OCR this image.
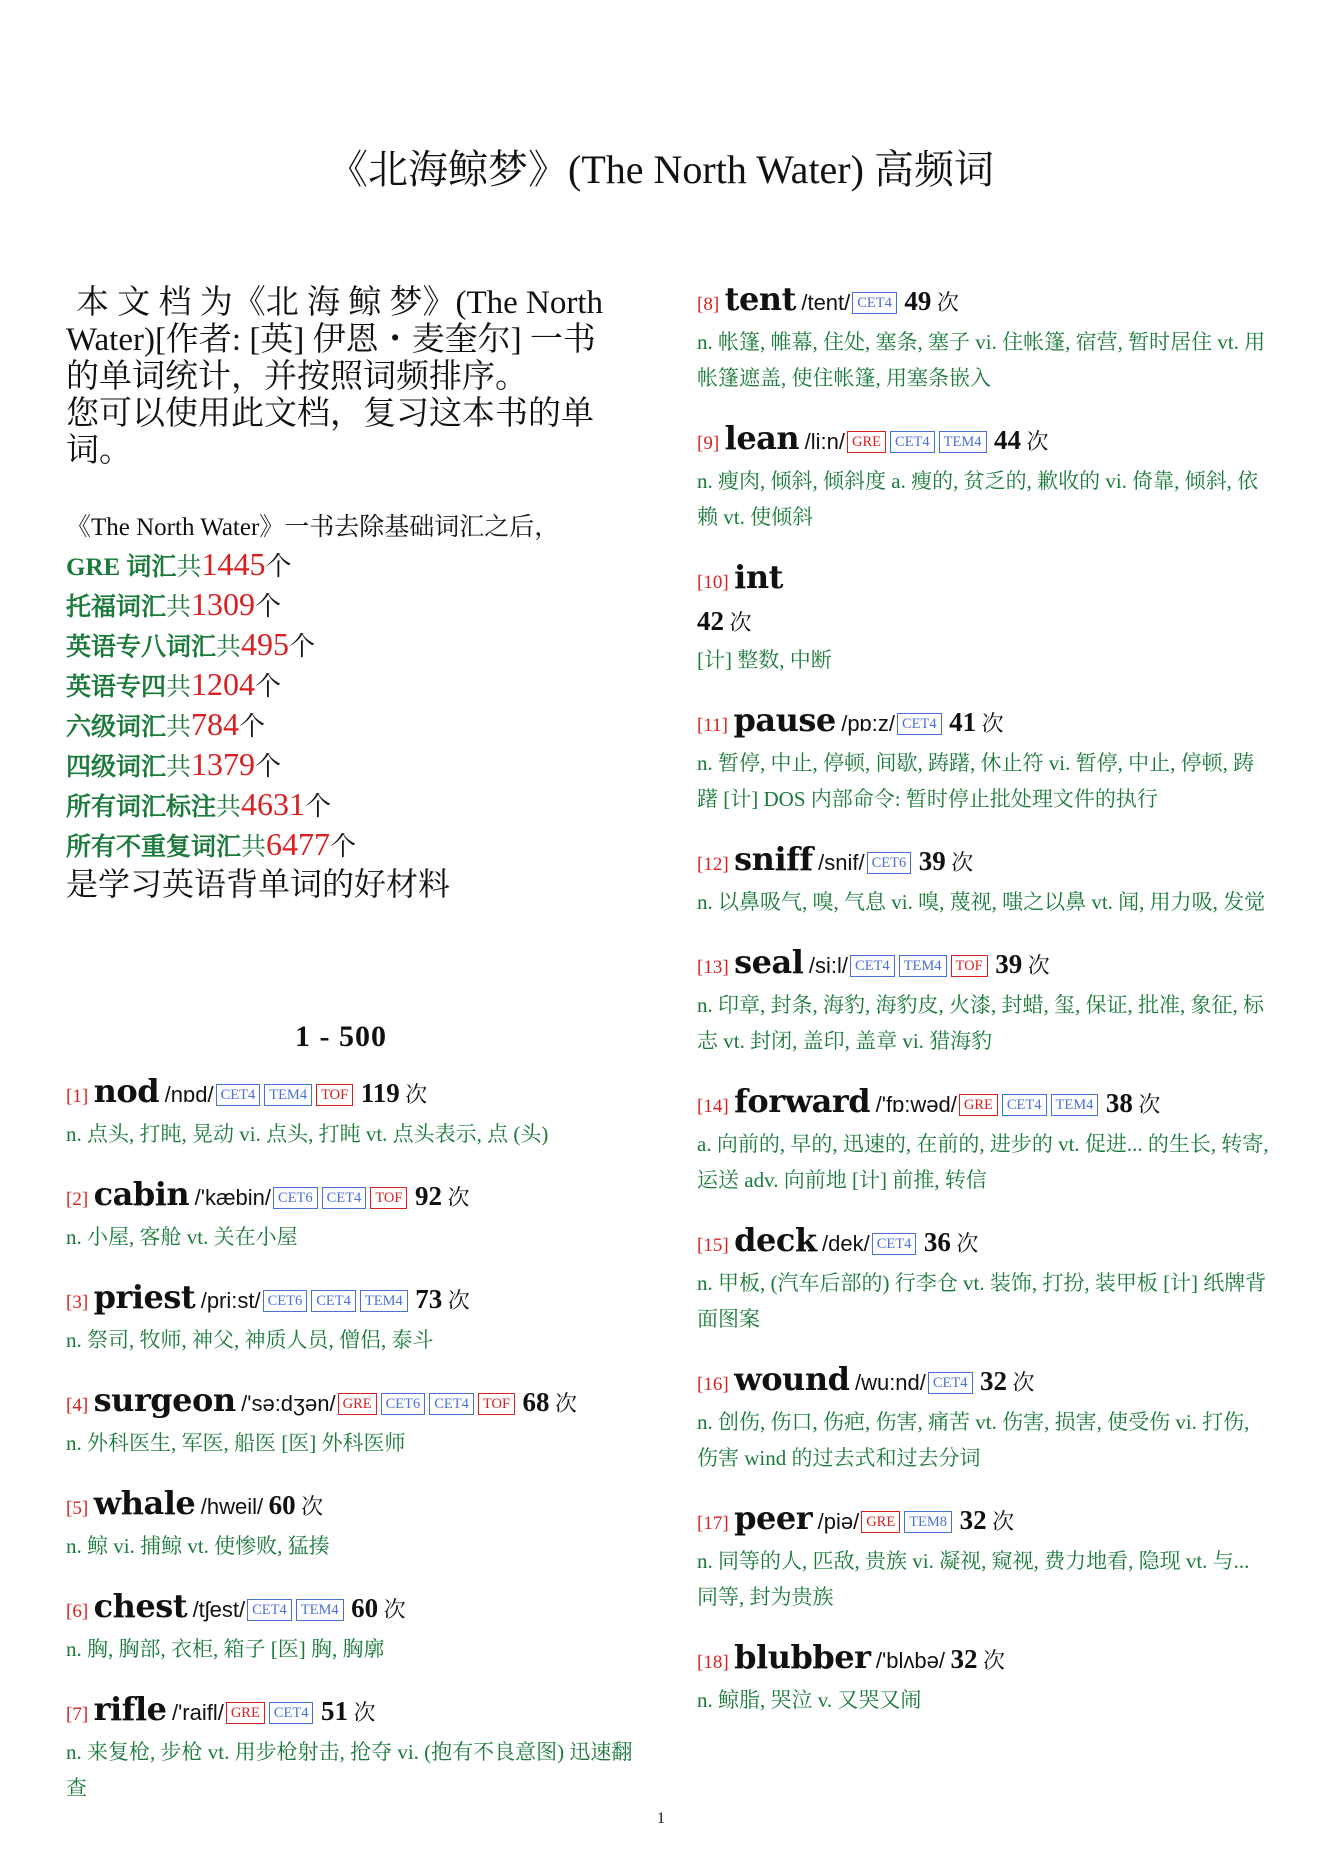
《北海鲸梦》(The North Water) 高频词
本 文 档 为《北 海 鲸 梦》(The North
Water)[作者: [英] 伊恩・麦奎尔] 一书
的单词统计，并按照词频排序。
您可以使用此文档，复习这本书的单
词。
《The North Water》一书去除基础词汇之后，
GRE 词汇共1445个
托福词汇共1309个
英语专八词汇共495个
英语专四共1204个
六级词汇共784个
四级词汇共1379个
所有词汇标注共4631个
所有不重复词汇共6477个
是学习英语背单词的好材料
1 - 500
[1] nod /nɒd/ CET4 TEM4 TOF 119 次
n. 点头, 打盹, 晃动 vi. 点头, 打盹 vt. 点头表示, 点 (头)
[2] cabin /'kæbin/ CET6 CET4 TOF 92 次
n. 小屋, 客舱 vt. 关在小屋
[3] priest /pri:st/ CET6 CET4 TEM4 73 次
n. 祭司, 牧师, 神父, 神质人员, 僧侣, 泰斗
[4] surgeon /'sə:dʒən/ GRE CET6 CET4 TOF 68 次
n. 外科医生, 军医, 船医 [医] 外科医师
[5] whale /hweil/ 60 次
n. 鲸 vi. 捕鲸 vt. 使惨败, 猛揍
[6] chest /tʃest/ CET4 TEM4 60 次
n. 胸, 胸部, 衣柜, 箱子 [医] 胸, 胸廓
[7] rifle /'raifl/ GRE CET4 51 次
n. 来复枪, 步枪 vt. 用步枪射击, 抢夺 vi. (抱有不良意图) 迅速翻查
[8] tent /tent/ CET4 49 次
n. 帐篷, 帷幕, 住处, 塞条, 塞子 vi. 住帐篷, 宿营, 暂时居住 vt. 用帐篷遮盖, 使住帐篷, 用塞条嵌入
[9] lean /li:n/ GRE CET4 TEM4 44 次
n. 瘦肉, 倾斜, 倾斜度 a. 瘦的, 贫乏的, 歉收的 vi. 倚靠, 倾斜, 依赖 vt. 使倾斜
[10] int
42 次
[计] 整数, 中断
[11] pause /pɒ:z/ CET4 41 次
n. 暂停, 中止, 停顿, 间歇, 踌躇, 休止符 vi. 暂停, 中止, 停顿, 踌躇 [计] DOS 内部命令: 暂时停止批处理文件的执行
[12] sniff /snif/ CET6 39 次
n. 以鼻吸气, 嗅, 气息 vi. 嗅, 蔑视, 嗤之以鼻 vt. 闻, 用力吸, 发觉
[13] seal /si:l/ CET4 TEM4 TOF 39 次
n. 印章, 封条, 海豹, 海豹皮, 火漆, 封蜡, 玺, 保证, 批准, 象征, 标志 vt. 封闭, 盖印, 盖章 vi. 猎海豹
[14] forward /'fɒ:wəd/ GRE CET4 TEM4 38 次
a. 向前的, 早的, 迅速的, 在前的, 进步的 vt. 促进... 的生长, 转寄, 运送 adv. 向前地 [计] 前推, 转信
[15] deck /dek/ CET4 36 次
n. 甲板, (汽车后部的) 行李仓 vt. 装饰, 打扮, 装甲板 [计] 纸牌背面图案
[16] wound /wu:nd/ CET4 32 次
n. 创伤, 伤口, 伤疤, 伤害, 痛苦 vt. 伤害, 损害, 使受伤 vi. 打伤, 伤害 wind 的过去式和过去分词
[17] peer /piə/ GRE TEM8 32 次
n. 同等的人, 匹敌, 贵族 vi. 凝视, 窥视, 费力地看, 隐现 vt. 与... 同等, 封为贵族
[18] blubber /'blʌbə/ 32 次
n. 鲸脂, 哭泣 v. 又哭又闹
1
